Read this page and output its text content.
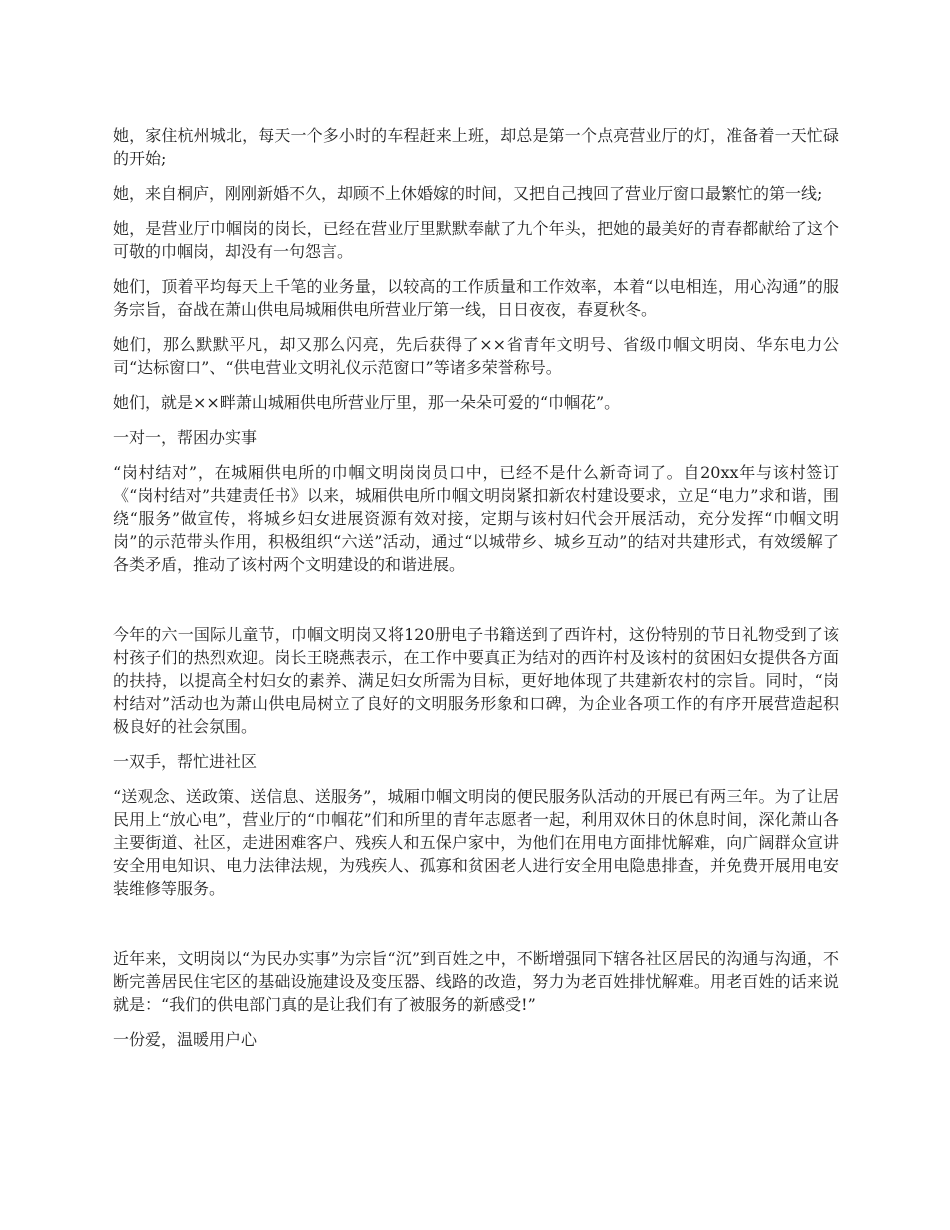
她，家住杭州城北，每天一个多小时的车程赶来上班，却总是第一个点亮营业厅的灯，准备着一天忙碌的开始;

她，来自桐庐，刚刚新婚不久，却顾不上休婚嫁的时间，又把自己拽回了营业厅窗口最繁忙的第一线;

她，是营业厅巾帼岗的岗长，已经在营业厅里默默奉献了九个年头，把她的最美好的青春都献给了这个可敬的巾帼岗，却没有一句怨言。

她们，顶着平均每天上千笔的业务量，以较高的工作质量和工作效率，本着“以电相连，用心沟通”的服务宗旨，奋战在萧山供电局城厢供电所营业厅第一线，日日夜夜，春夏秋冬。

她们，那么默默平凡，却又那么闪亮，先后获得了××省青年文明号、省级巾帼文明岗、华东电力公司“达标窗口”、“供电营业文明礼仪示范窗口”等诸多荣誉称号。

她们，就是××畔萧山城厢供电所营业厅里，那一朵朵可爱的“巾帼花”。

一对一，帮困办实事

“岗村结对”，在城厢供电所的巾帼文明岗岗员口中，已经不是什么新奇词了。自20xx年与该村签订《“岗村结对”共建责任书》以来，城厢供电所巾帼文明岗紧扣新农村建设要求，立足“电力”求和谐，围绕“服务”做宣传，将城乡妇女进展资源有效对接，定期与该村妇代会开展活动，充分发挥“巾帼文明岗”的示范带头作用，积极组织“六送”活动，通过“以城带乡、城乡互动”的结对共建形式，有效缓解了各类矛盾，推动了该村两个文明建设的和谐进展。

今年的六一国际儿童节，巾帼文明岗又将120册电子书籍送到了西许村，这份特别的节日礼物受到了该村孩子们的热烈欢迎。岗长王晓燕表示，在工作中要真正为结对的西许村及该村的贫困妇女提供各方面的扶持，以提高全村妇女的素养、满足妇女所需为目标，更好地体现了共建新农村的宗旨。同时，“岗村结对”活动也为萧山供电局树立了良好的文明服务形象和口碑，为企业各项工作的有序开展营造起积极良好的社会氛围。

一双手，帮忙进社区

“送观念、送政策、送信息、送服务”，城厢巾帼文明岗的便民服务队活动的开展已有两三年。为了让居民用上“放心电”，营业厅的“巾帼花”们和所里的青年志愿者一起，利用双休日的休息时间，深化萧山各主要街道、社区，走进困难客户、残疾人和五保户家中，为他们在用电方面排忧解难，向广阔群众宣讲安全用电知识、电力法律法规，为残疾人、孤寡和贫困老人进行安全用电隐患排查，并免费开展用电安装维修等服务。

近年来，文明岗以“为民办实事”为宗旨“沉”到百姓之中，不断增强同下辖各社区居民的沟通与沟通，不断完善居民住宅区的基础设施建设及变压器、线路的改造，努力为老百姓排忧解难。用老百姓的话来说就是：“我们的供电部门真的是让我们有了被服务的新感受!”

一份爱，温暖用户心
